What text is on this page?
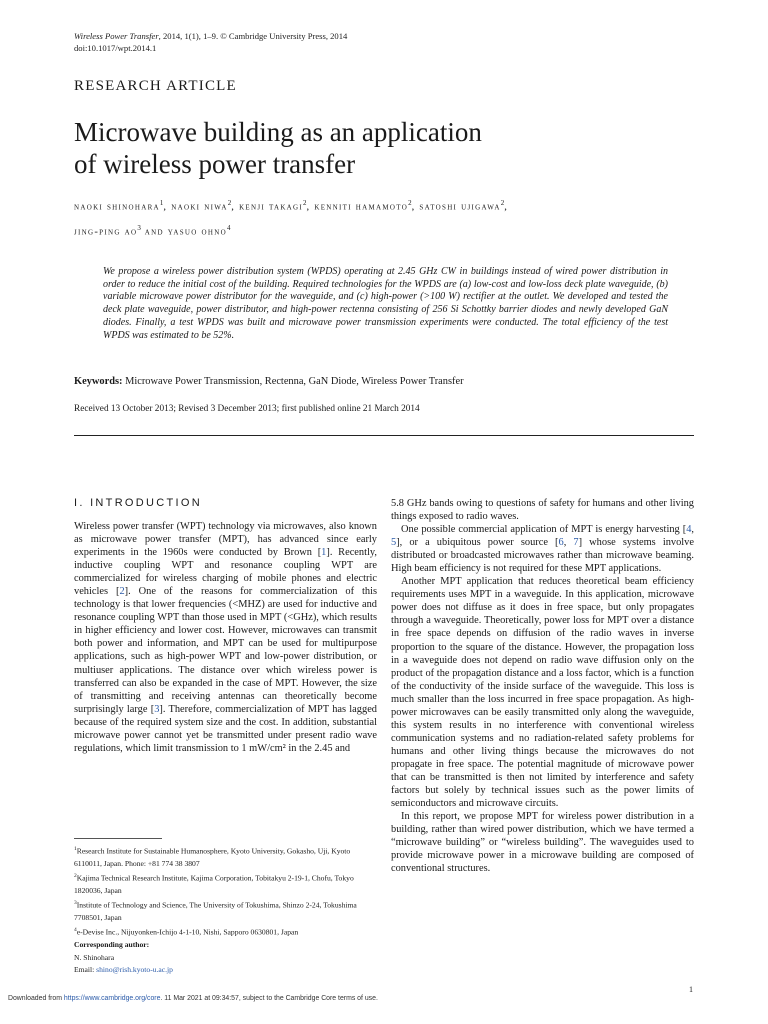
Wireless Power Transfer, 2014, 1(1), 1–9. © Cambridge University Press, 2014
doi:10.1017/wpt.2014.1
RESEARCH ARTICLE
Microwave building as an application
of wireless power transfer
naoki shinohara$^1$, naoki niwa$^2$, kenji takagi$^2$, kenniti hamamoto$^2$, satoshi ujigawa$^2$,
jing-ping $ao^3$ and yasuo ohno$^4$

We propose a wireless power distribution system (WPDS) operating at 2.45 GHz CW in buildings instead of wired power distribution in order to reduce the initial cost of the building. Required technologies for the WPDS are (a) low-cost and low-loss deck plate waveguide, (b) variable microwave power distributor for the waveguide, and (c) high-power (>100 W) rectifier at the outlet. We developed and tested the deck plate waveguide, power distributor, and high-power rectenna consisting of 256 Si Schottky barrier diodes and newly developed GaN diodes. Finally, a test WPDS was built and microwave power transmission experiments were conducted. The total efficiency of the test WPDS was estimated to be 52%.

Keywords: Microwave Power Transmission, Rectenna, GaN Diode, Wireless Power Transfer
Received 13 October 2013; Revised 3 December 2013; first published online 21 March 2014
I. INTRODUCTION

Wireless power transfer (WPT) technology via microwaves, also known as microwave power transfer (MPT), has advanced since early experiments in the 1960s were conducted by Brown [1]. Recently, inductive coupling WPT and resonance coupling WPT are commercialized for wireless charging of mobile phones and electric vehicles [2]. One of the reasons for commercialization of this technology is that lower frequencies (<MHZ) are used for inductive and resonance coupling WPT than those used in MPT (<GHz), which results in higher efficiency and lower cost. However, microwaves can transmit both power and information, and MPT can be used for multipurpose applications, such as high-power WPT and low-power distribution, or multiuser applications. The distance over which wireless power is transferred can also be expanded in the case of MPT. However, the size of transmitting and receiving antennas can theoretically become surprisingly large [3]. Therefore, commercialization of MPT has lagged because of the required system size and the cost. In addition, substantial microwave power cannot yet be transmitted under present radio wave regulations, which limit transmission to 1 mW/cm² in the 2.45 and

5.8 GHz bands owing to questions of safety for humans and other living things exposed to radio waves.

One possible commercial application of MPT is energy harvesting [4, 5], or a ubiquitous power source [6, 7] whose systems involve distributed or broadcasted microwaves rather than microwave beaming. High beam efficiency is not required for these MPT applications.

Another MPT application that reduces theoretical beam efficiency requirements uses MPT in a waveguide. In this application, microwave power does not diffuse as it does in free space, but only propagates through a waveguide. Theoretically, power loss for MPT over a distance in free space depends on diffusion of the radio waves in inverse proportion to the square of the distance. However, the propagation loss in a waveguide does not depend on radio wave diffusion only on the product of the propagation distance and a loss factor, which is a function of the conductivity of the inside surface of the waveguide. This loss is much smaller than the loss incurred in free space propagation. As high-power microwaves can be easily transmitted only along the waveguide, this system results in no interference with conventional wireless communication systems and no radiation-related safety problems for humans and other living things because the microwaves do not propagate in free space. The potential magnitude of microwave power that can be transmitted is then not limited by interference and safety factors but solely by technical issues such as the power limits of semiconductors and microwave circuits.

In this report, we propose MPT for wireless power distribution in a building, rather than wired power distribution, which we have termed a “microwave building” or “wireless building”. The waveguides used to provide microwave power in a microwave building are composed of conventional structures.

$^1$Research Institute for Sustainable Humanosphere, Kyoto University, Gokasho, Uji, Kyoto 6110011, Japan. Phone: +81 774 38 3807
$^2$Kajima Technical Research Institute, Kajima Corporation, Tobitakyu 2-19-1, Chofu, Tokyo 1820036, Japan
$^3$Institute of Technology and Science, The University of Tokushima, Shinzo 2-24, Tokushima 7708501, Japan
$^4$e-Devise Inc., Nijuyonken-Ichijo 4-1-10, Nishi, Sapporo 0630801, Japan
Corresponding author:
N. Shinohara
Email: shino@rish.kyoto-u.ac.jp
Downloaded from https://www.cambridge.org/core. 11 Mar 2021 at 09:34:57, subject to the Cambridge Core terms of use.
1
